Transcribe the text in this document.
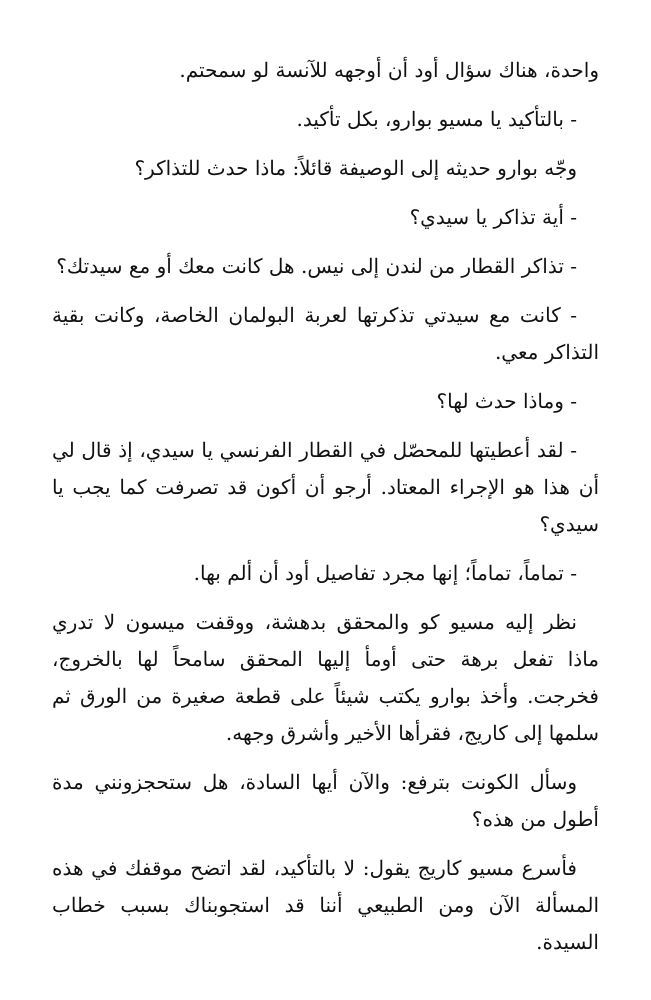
واحدة، هناك سؤال أود أن أوجهه للآنسة لو سمحتم.

- بالتأكيد يا مسيو بوارو، بكل تأكيد.

وجّه بوارو حديثه إلى الوصيفة قائلاً: ماذا حدث للتذاكر؟

- أية تذاكر يا سيدي؟

- تذاكر القطار من لندن إلى نيس. هل كانت معك أو مع سيدتك؟

- كانت مع سيدتي تذكرتها لعربة البولمان الخاصة، وكانت بقية التذاكر معي.

- وماذا حدث لها؟

- لقد أعطيتها للمحصّل في القطار الفرنسي يا سيدي، إذ قال لي أن هذا هو الإجراء المعتاد. أرجو أن أكون قد تصرفت كما يجب يا سيدي؟

- تماماً، تماماً؛ إنها مجرد تفاصيل أود أن ألم بها.

نظر إليه مسيو كو والمحقق بدهشة، ووقفت ميسون لا تدري ماذا تفعل برهة حتى أومأ إليها المحقق سامحاً لها بالخروج، فخرجت. وأخذ بوارو يكتب شيئاً على قطعة صغيرة من الورق ثم سلمها إلى كاريج، فقرأها الأخير وأشرق وجهه.

وسأل الكونت بترفع: والآن أيها السادة، هل ستحجزونني مدة أطول من هذه؟

فأسرع مسيو كاريج يقول: لا بالتأكيد، لقد اتضح موقفك في هذه المسألة الآن ومن الطبيعي أننا قد استجوبناك بسبب خطاب السيدة.
